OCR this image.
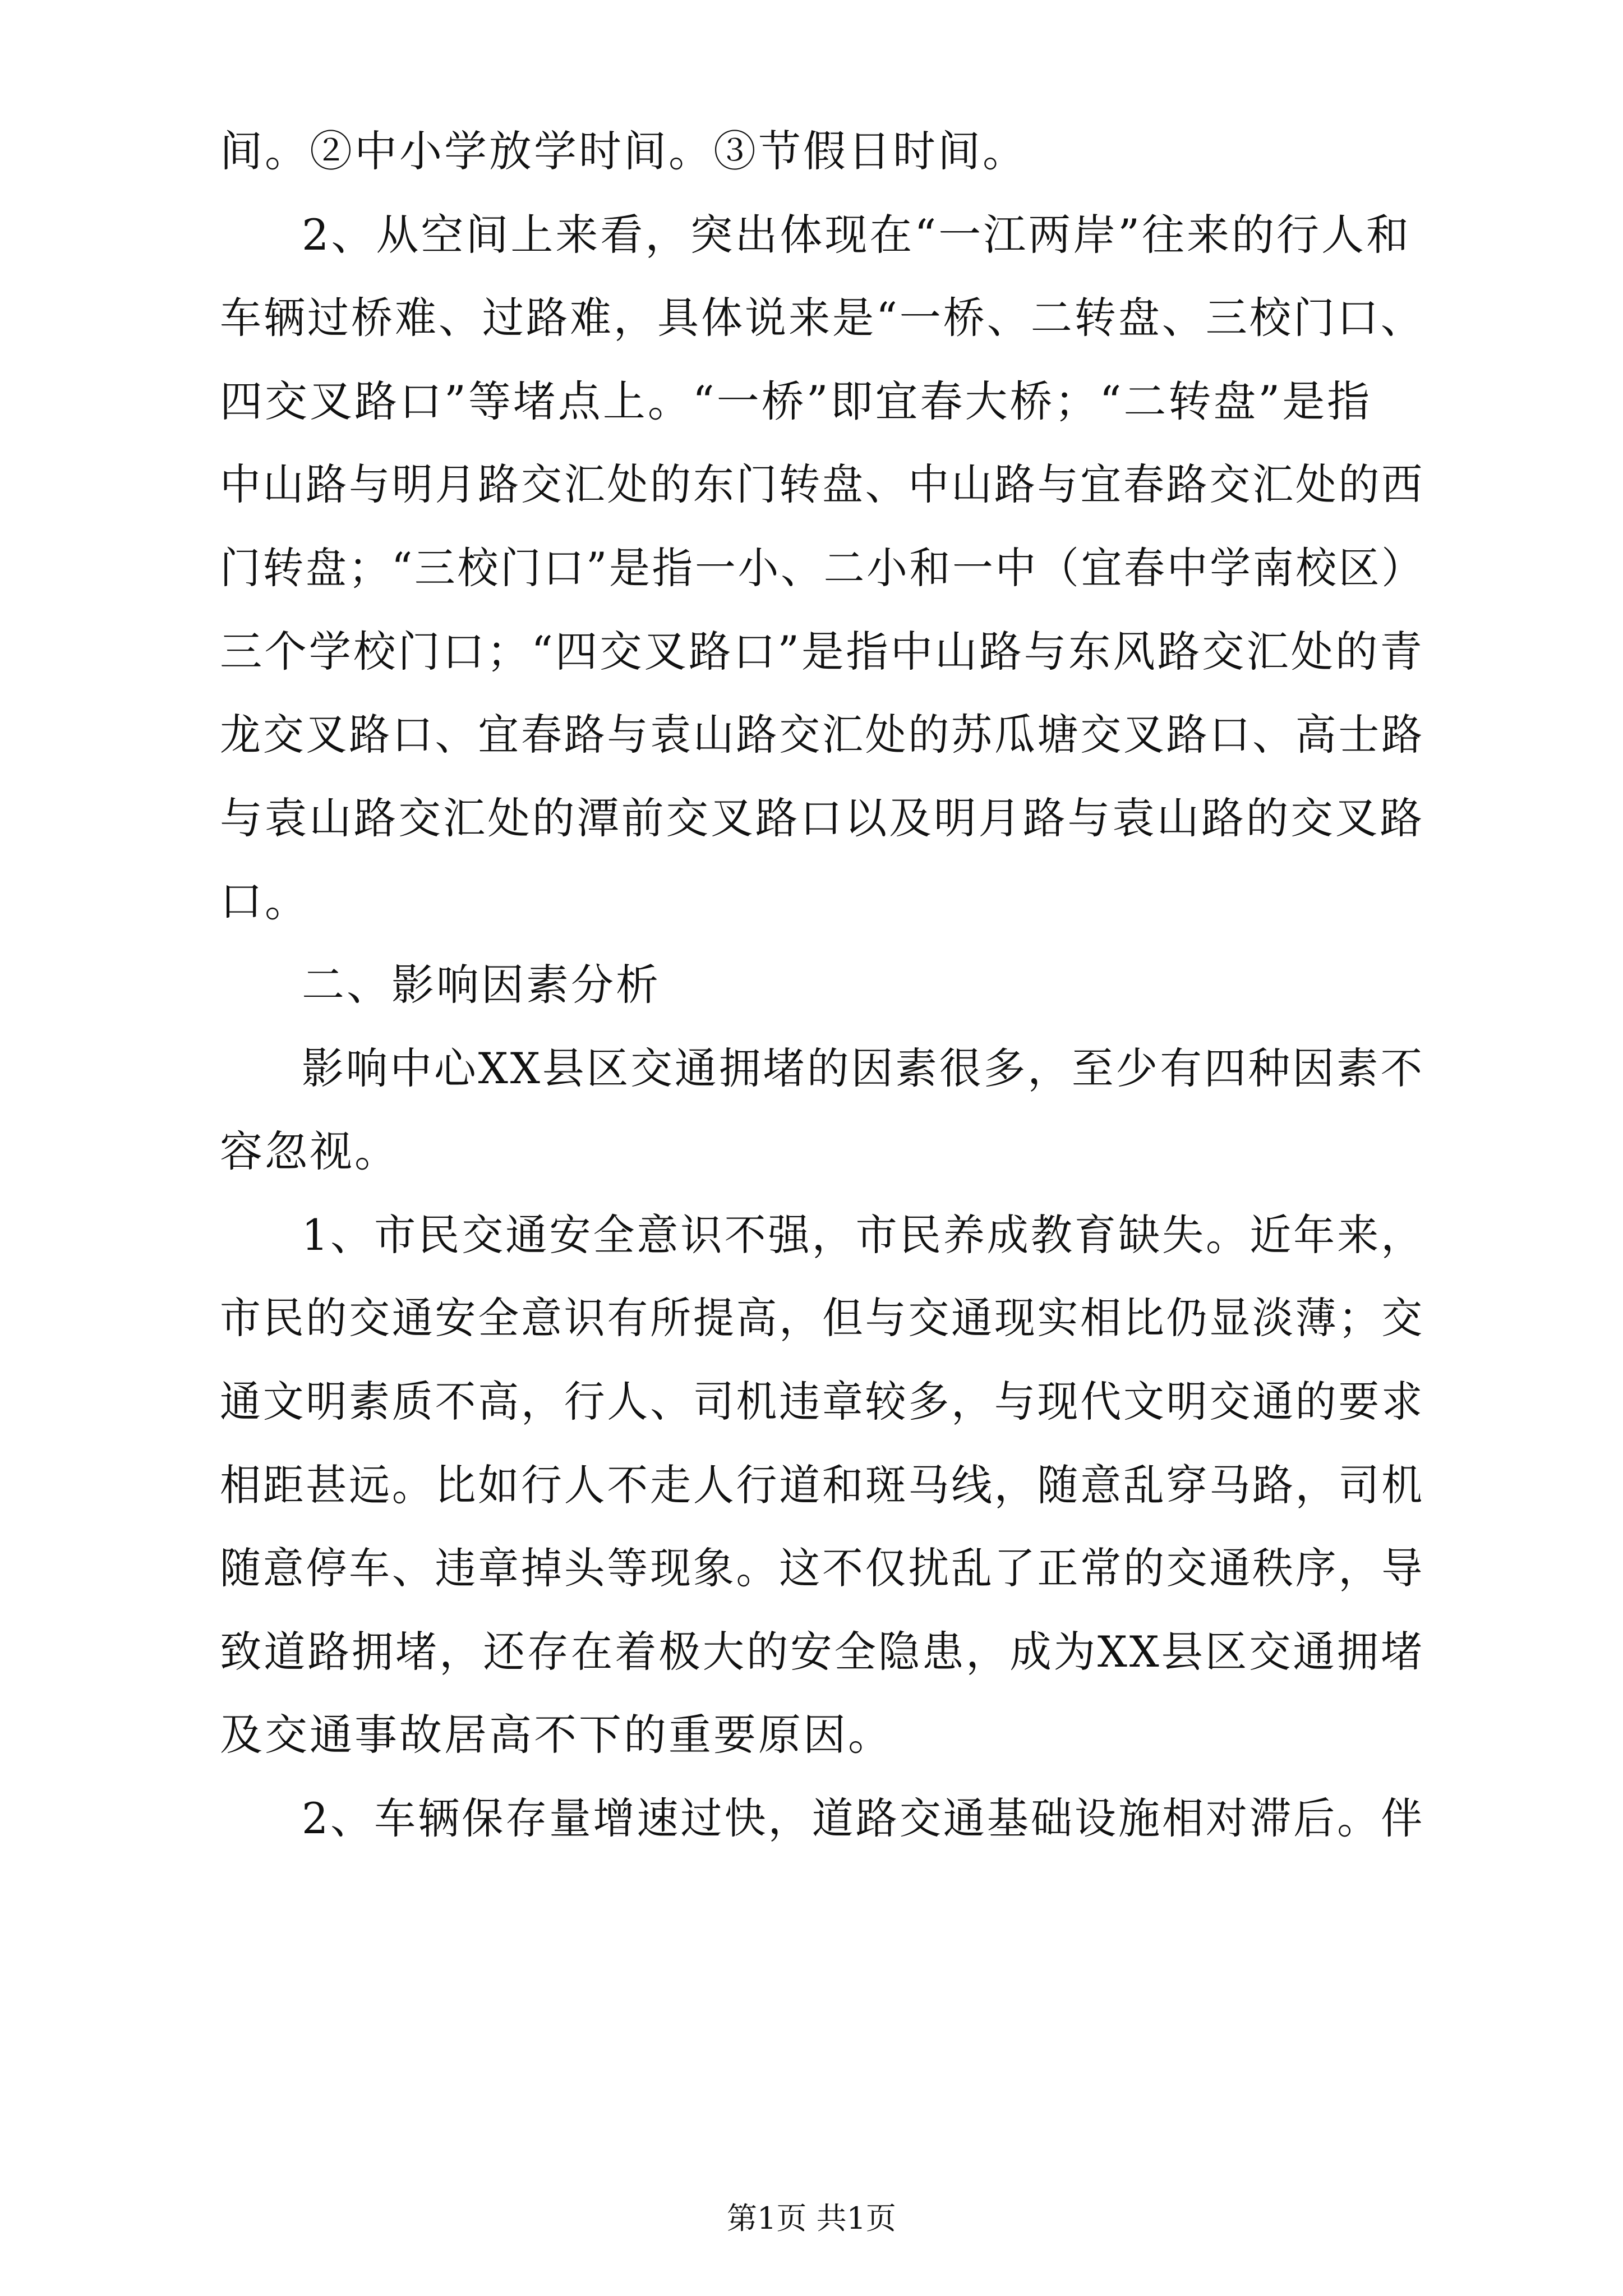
间。②中小学放学时间。③节假日时间。
2、从空间上来看，突出体现在“一江两岸”往来的行人和
车辆过桥难、过路难，具体说来是“一桥、二转盘、三校门口、
四交叉路口”等堵点上。“一桥”即宜春大桥；“二转盘”是指
中山路与明月路交汇处的东门转盘、中山路与宜春路交汇处的西
门转盘；“三校门口”是指一小、二小和一中（宜春中学南校区）
三个学校门口；“四交叉路口”是指中山路与东风路交汇处的青
龙交叉路口、宜春路与袁山路交汇处的苏瓜塘交叉路口、高士路
与袁山路交汇处的潭前交叉路口以及明月路与袁山路的交叉路
口。
二、影响因素分析
影响中心XX县区交通拥堵的因素很多，至少有四种因素不
容忽视。
1、市民交通安全意识不强，市民养成教育缺失。近年来，
市民的交通安全意识有所提高，但与交通现实相比仍显淡薄；交
通文明素质不高，行人、司机违章较多，与现代文明交通的要求
相距甚远。比如行人不走人行道和斑马线，随意乱穿马路，司机
随意停车、违章掉头等现象。这不仅扰乱了正常的交通秩序，导
致道路拥堵，还存在着极大的安全隐患，成为XX县区交通拥堵
及交通事故居高不下的重要原因。
2、车辆保存量增速过快，道路交通基础设施相对滞后。伴
第1页 共1页
